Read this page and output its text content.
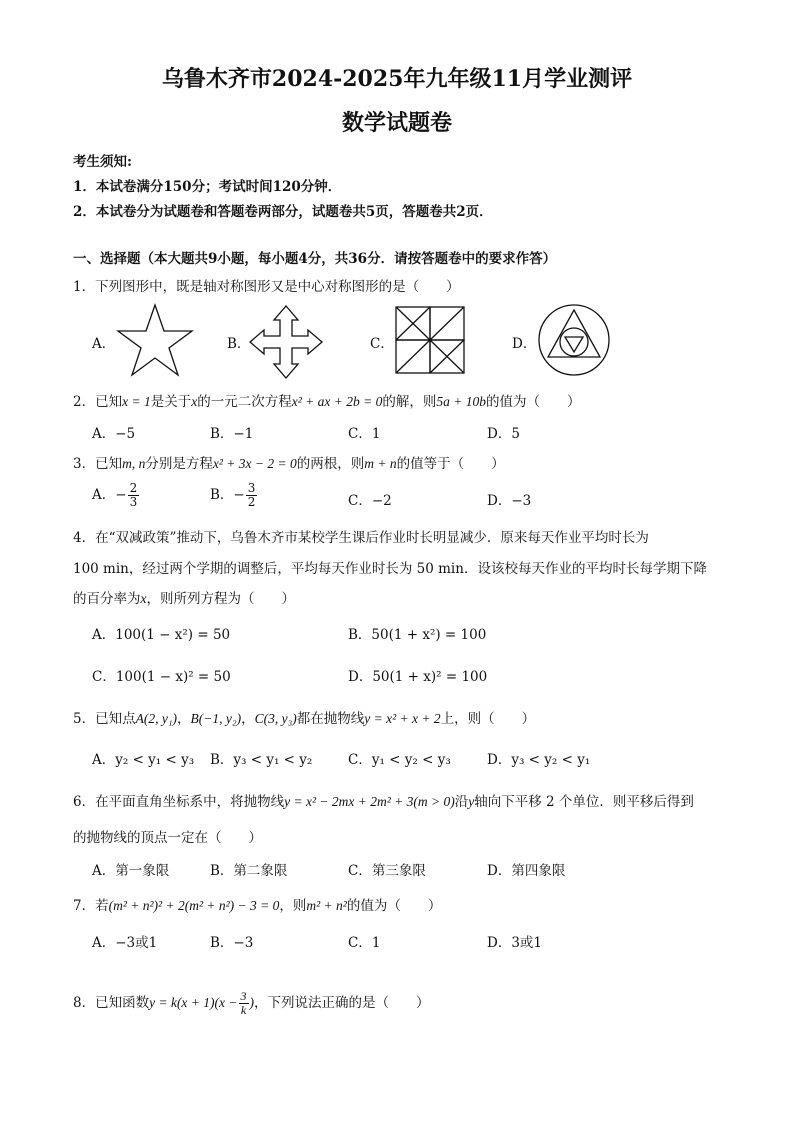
乌鲁木齐市2024-2025年九年级11月学业测评
数学试题卷
考生须知:
1．本试卷满分150分；考试时间120分钟．
2．本试卷分为试题卷和答题卷两部分，试题卷共5页，答题卷共2页．
一、选择题（本大题共9小题，每小题4分，共36分．请按答题卷中的要求作答）
1．下列图形中，既是轴对称图形又是中心对称图形的是（　　）
A．	B．	C．	D．
2．已知x = 1是关于x的一元二次方程x² + ax + 2b = 0的解，则5a + 10b的值为（　　）
A．−5	B．−1	C．1	D．5
3．已知m, n分别是方程x² + 3x − 2 = 0的两根，则m + n的值等于（　　）
A．− $\frac{2}{3}$	B．− $\frac{3}{2}$	C．−2	D．−3
4．在“双减政策”推动下，乌鲁木齐市某校学生课后作业时长明显减少．原来每天作业平均时长为
100 min，经过两个学期的调整后，平均每天作业时长为 50 min．设该校每天作业的平均时长每学期下降
的百分率为x，则所列方程为（　　）
A．100(1 − x²) = 50	B．50(1 + x²) = 100
C．100(1 − x)² = 50	D．50(1 + x)² = 100
5．已知点A(2, y₁)，B(−1, y₂)，C(3, y₃)都在抛物线y = x² + x + 2上，则（　　）
A．y₂ < y₁ < y₃ B．y₃ < y₁ < y₂	C．y₁ < y₂ < y₃	D．y₃ < y₂ < y₁
6．在平面直角坐标系中，将抛物线y = x² − 2mx + 2m² + 3(m > 0)沿y轴向下平移 2 个单位．则平移后得到
的抛物线的顶点一定在（　　）
A．第一象限	B．第二象限	C．第三象限	D．第四象限
7．若(m² + n²)² + 2(m² + n²) − 3 = 0，则m² + n²的值为（　　）
A．−3或1	B．−3	C．1	D．3或1
8．已知函数$y = k(x + 1)(x - \frac{3}{k}$ )，下列说法正确的是（　　）
